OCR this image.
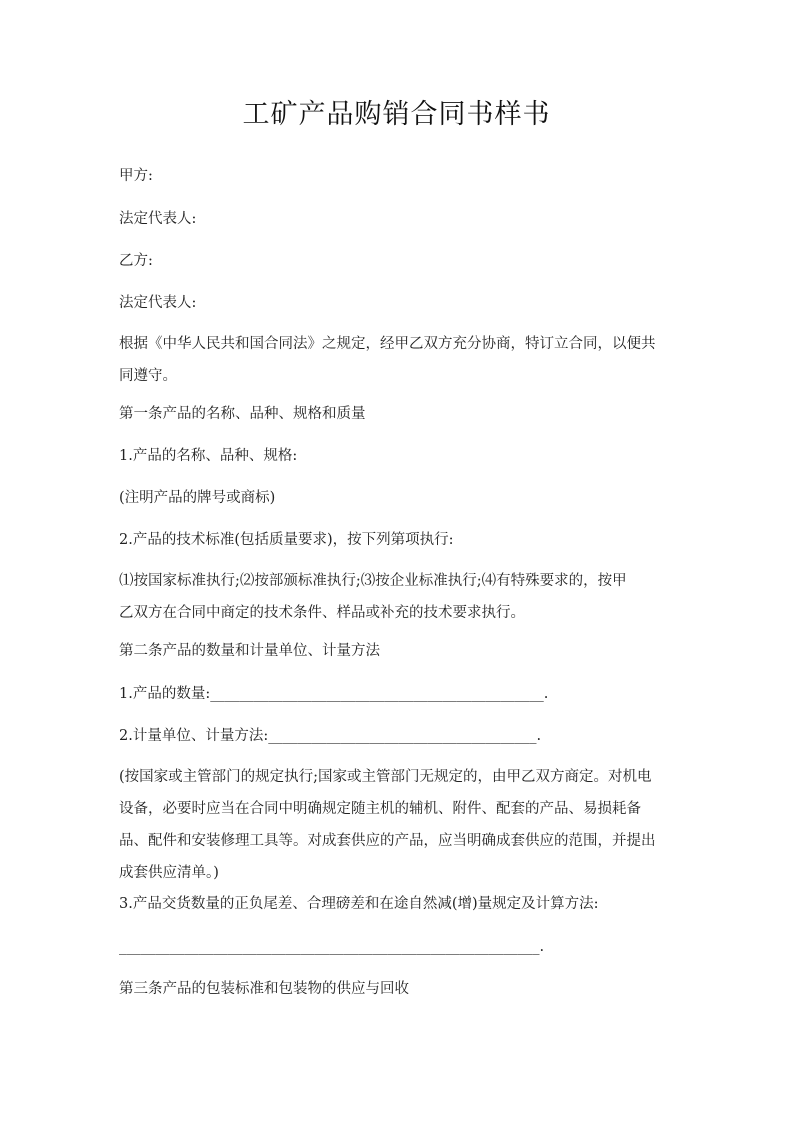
工矿产品购销合同书样书
甲方:
法定代表人:
乙方:
法定代表人:
根据《中华人民共和国合同法》之规定，经甲乙双方充分协商，特订立合同，以便共
同遵守。
第一条产品的名称、品种、规格和质量
1.产品的名称、品种、规格:
(注明产品的牌号或商标)
2.产品的技术标准(包括质量要求)，按下列第项执行:
⑴按国家标准执行;⑵按部颁标准执行;⑶按企业标准执行;⑷有特殊要求的，按甲
乙双方在合同中商定的技术条件、样品或补充的技术要求执行。
第二条产品的数量和计量单位、计量方法
1.产品的数量:______________________________________________.
2.计量单位、计量方法:_____________________________________.
(按国家或主管部门的规定执行;国家或主管部门无规定的，由甲乙双方商定。对机电
设备，必要时应当在合同中明确规定随主机的辅机、附件、配套的产品、易损耗备
品、配件和安装修理工具等。对成套供应的产品，应当明确成套供应的范围，并提出
成套供应清单。)
3.产品交货数量的正负尾差、合理磅差和在途自然减(增)量规定及计算方法:
__________________________________________________________.
第三条产品的包装标准和包装物的供应与回收
